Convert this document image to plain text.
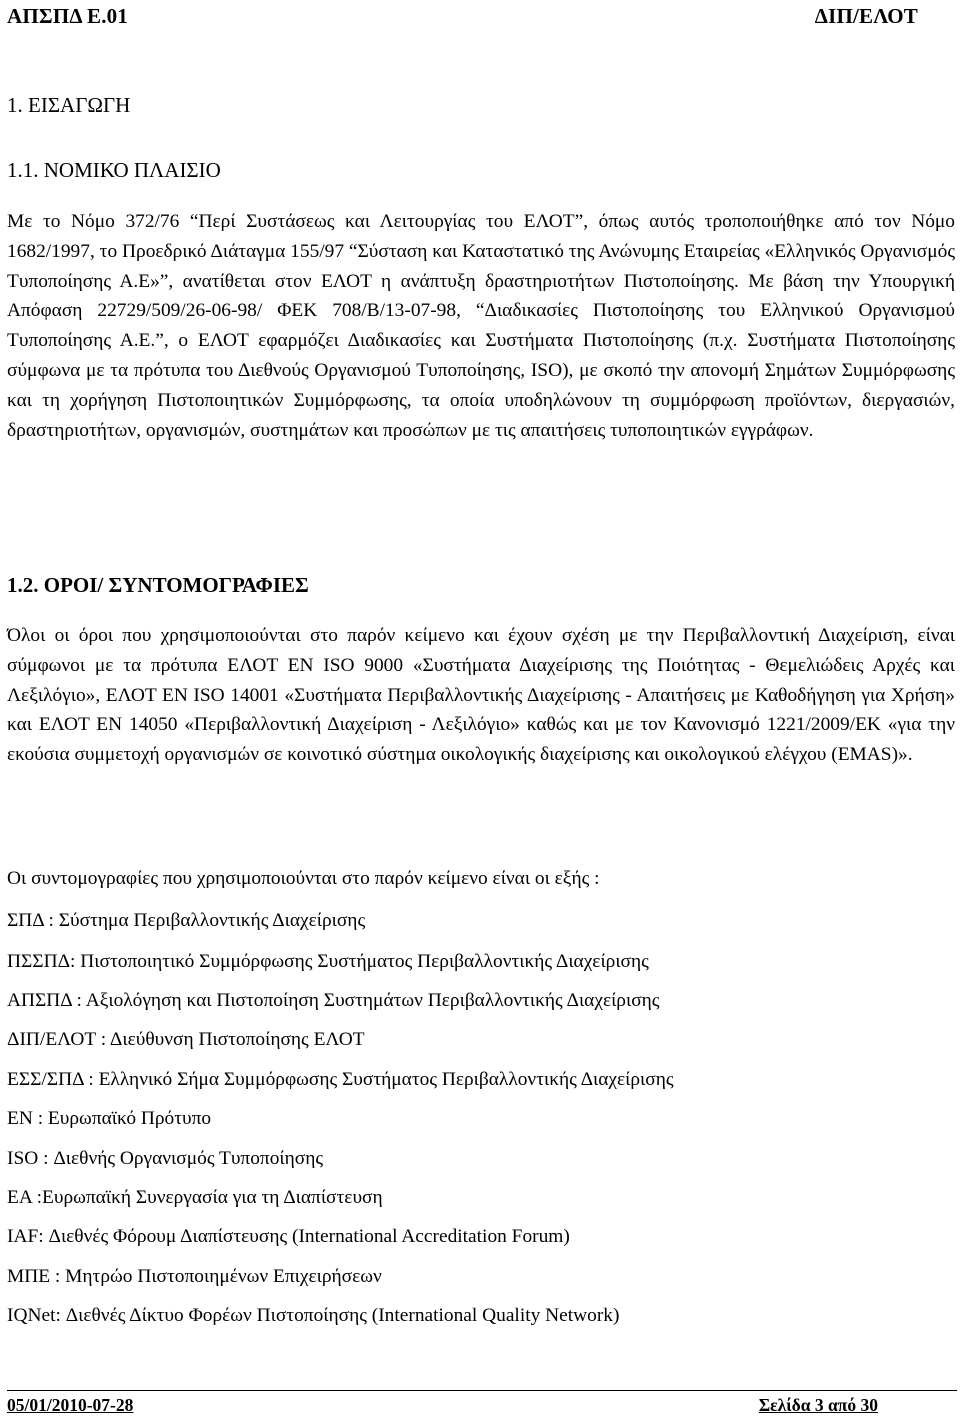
ΑΠΣΠΔ Ε.01	ΔΙΠ/ΕΛΟΤ
1. ΕΙΣΑΓΩΓΗ
1.1. ΝΟΜΙΚΟ ΠΛΑΙΣΙΟ
Με το Νόμο 372/76 “Περί Συστάσεως και Λειτουργίας του ΕΛΟΤ”, όπως αυτός τροποποιήθηκε από τον Νόμο 1682/1997, το Προεδρικό Διάταγμα 155/97 “Σύσταση και Καταστατικό της Ανώνυμης Εταιρείας «Ελληνικός Οργανισμός Τυποποίησης Α.Ε»”, ανατίθεται στον ΕΛΟΤ η ανάπτυξη δραστηριοτήτων Πιστοποίησης. Με βάση την Υπουργική Απόφαση 22729/509/26-06-98/ ΦΕΚ 708/Β/13-07-98, “Διαδικασίες Πιστοποίησης του Ελληνικού Οργανισμού Τυποποίησης Α.Ε.”, ο ΕΛΟΤ εφαρμόζει Διαδικασίες και Συστήματα Πιστοποίησης (π.χ. Συστήματα Πιστοποίησης σύμφωνα με τα πρότυπα του Διεθνούς Οργανισμού Τυποποίησης, ISO), με σκοπό την απονομή Σημάτων Συμμόρφωσης και τη χορήγηση Πιστοποιητικών Συμμόρφωσης, τα οποία υποδηλώνουν τη συμμόρφωση προϊόντων, διεργασιών, δραστηριοτήτων, οργανισμών, συστημάτων και προσώπων με τις απαιτήσεις τυποποιητικών εγγράφων.
1.2. ΟΡΟΙ/ ΣΥΝΤΟΜΟΓΡΑΦΙΕΣ
Όλοι οι όροι που χρησιμοποιούνται στο παρόν κείμενο και έχουν σχέση με την Περιβαλλοντική Διαχείριση, είναι σύμφωνοι με τα πρότυπα ΕΛΟΤ ΕΝ ISO 9000 «Συστήματα Διαχείρισης της Ποιότητας - Θεμελιώδεις Αρχές και Λεξιλόγιο», ΕΛΟΤ ΕΝ ISO 14001 «Συστήματα Περιβαλλοντικής Διαχείρισης - Απαιτήσεις με Καθοδήγηση για Χρήση» και ΕΛΟΤ ΕΝ 14050 «Περιβαλλοντική Διαχείριση - Λεξιλόγιο» καθώς και με τον Κανονισμό 1221/2009/ΕΚ «για την εκούσια συμμετοχή οργανισμών σε κοινοτικό σύστημα οικολογικής διαχείρισης και οικολογικού ελέγχου (EMAS)».
Οι συντομογραφίες που χρησιμοποιούνται στο παρόν κείμενο είναι οι εξής :
ΣΠΔ : Σύστημα Περιβαλλοντικής Διαχείρισης
ΠΣΣΠΔ: Πιστοποιητικό Συμμόρφωσης Συστήματος Περιβαλλοντικής Διαχείρισης
ΑΠΣΠΔ : Αξιολόγηση και Πιστοποίηση Συστημάτων Περιβαλλοντικής Διαχείρισης
ΔΙΠ/ΕΛΟΤ : Διεύθυνση Πιστοποίησης ΕΛΟΤ
ΕΣΣ/ΣΠΔ : Ελληνικό Σήμα Συμμόρφωσης Συστήματος Περιβαλλοντικής Διαχείρισης
ΕΝ : Ευρωπαϊκό Πρότυπο
ISO : Διεθνής Οργανισμός Τυποποίησης
ΕΑ :Ευρωπαϊκή Συνεργασία για τη Διαπίστευση
IAF: Διεθνές Φόρουμ Διαπίστευσης (International Accreditation Forum)
ΜΠΕ : Μητρώο Πιστοποιημένων Επιχειρήσεων
IQNet: Διεθνές Δίκτυο Φορέων Πιστοποίησης (International Quality Network)
05/01/2010-07-28	Σελίδα 3 από 30
